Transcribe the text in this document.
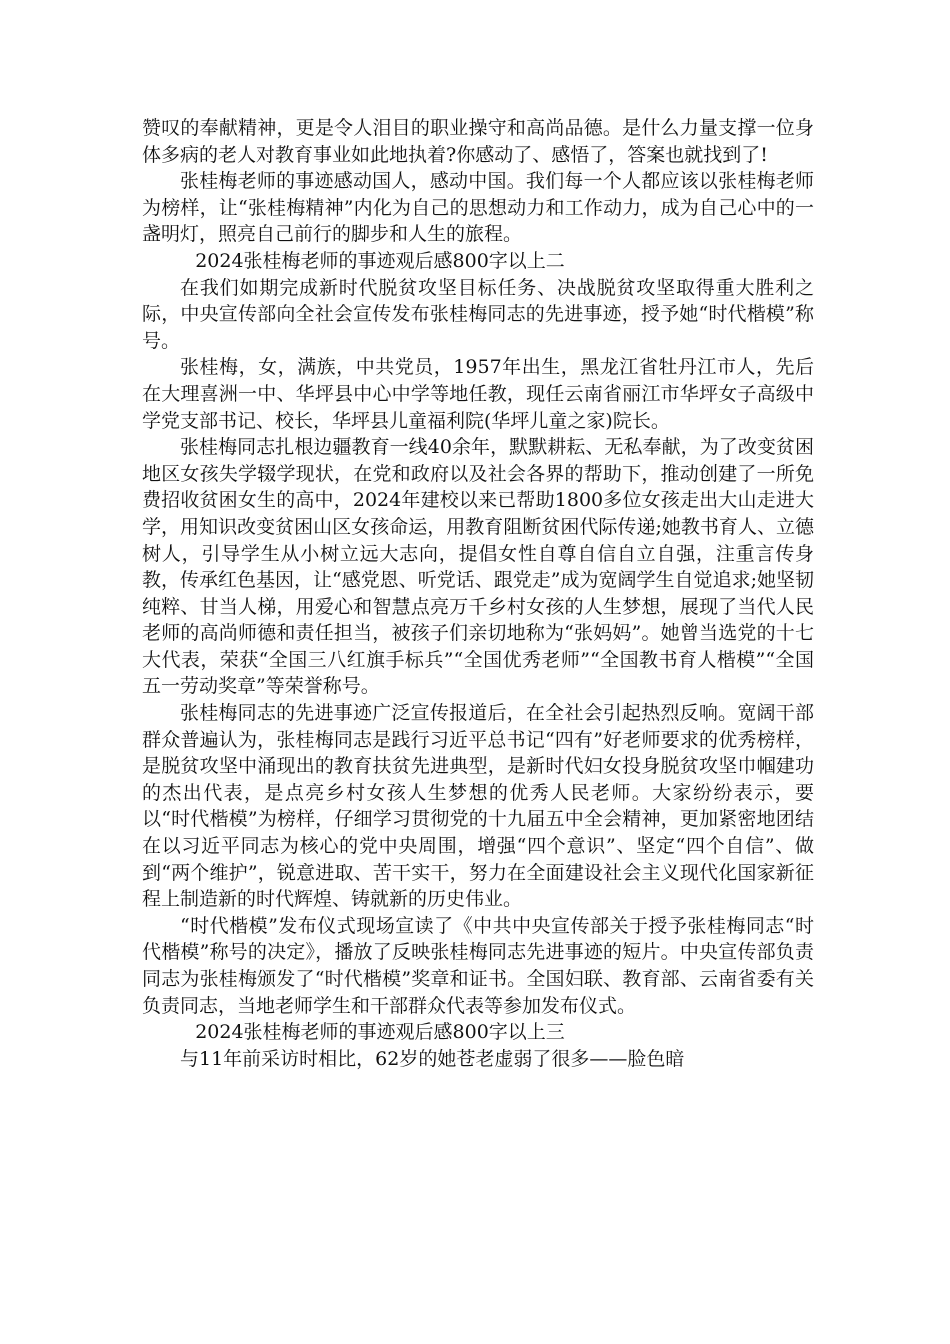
赞叹的奉献精神，更是令人泪目的职业操守和高尚品德。是什么力量支撑一位身体多病的老人对教育事业如此地执着?你感动了、感悟了，答案也就找到了!

张桂梅老师的事迹感动国人，感动中国。我们每一个人都应该以张桂梅老师为榜样，让“张桂梅精神”内化为自己的思想动力和工作动力，成为自己心中的一盏明灯，照亮自己前行的脚步和人生的旅程。

2024张桂梅老师的事迹观后感800字以上二

在我们如期完成新时代脱贫攻坚目标任务、决战脱贫攻坚取得重大胜利之际，中央宣传部向全社会宣传发布张桂梅同志的先进事迹，授予她“时代楷模”称号。

张桂梅，女，满族，中共党员，1957年出生，黑龙江省牡丹江市人，先后在大理喜洲一中、华坪县中心中学等地任教，现任云南省丽江市华坪女子高级中学党支部书记、校长，华坪县儿童福利院(华坪儿童之家)院长。

张桂梅同志扎根边疆教育一线40余年，默默耕耘、无私奉献，为了改变贫困地区女孩失学辍学现状，在党和政府以及社会各界的帮助下，推动创建了一所免费招收贫困女生的高中，2024年建校以来已帮助1800多位女孩走出大山走进大学，用知识改变贫困山区女孩命运，用教育阻断贫困代际传递;她教书育人、立德树人，引导学生从小树立远大志向，提倡女性自尊自信自立自强，注重言传身教，传承红色基因，让“感党恩、听党话、跟党走”成为宽阔学生自觉追求;她坚韧纯粹、甘当人梯，用爱心和智慧点亮万千乡村女孩的人生梦想，展现了当代人民老师的高尚师德和责任担当，被孩子们亲切地称为“张妈妈”。她曾当选党的十七大代表，荣获“全国三八红旗手标兵”“全国优秀老师”“全国教书育人楷模”“全国五一劳动奖章”等荣誉称号。

张桂梅同志的先进事迹广泛宣传报道后，在全社会引起热烈反响。宽阔干部群众普遍认为，张桂梅同志是践行习近平总书记“四有”好老师要求的优秀榜样，是脱贫攻坚中涌现出的教育扶贫先进典型，是新时代妇女投身脱贫攻坚巾帼建功的杰出代表，是点亮乡村女孩人生梦想的优秀人民老师。大家纷纷表示，要以“时代楷模”为榜样，仔细学习贯彻党的十九届五中全会精神，更加紧密地团结在以习近平同志为核心的党中央周围，增强“四个意识”、坚定“四个自信”、做到“两个维护”，锐意进取、苦干实干，努力在全面建设社会主义现代化国家新征程上制造新的时代辉煌、铸就新的历史伟业。

“时代楷模”发布仪式现场宣读了《中共中央宣传部关于授予张桂梅同志“时代楷模”称号的决定》，播放了反映张桂梅同志先进事迹的短片。中央宣传部负责同志为张桂梅颁发了“时代楷模”奖章和证书。全国妇联、教育部、云南省委有关负责同志，当地老师学生和干部群众代表等参加发布仪式。

2024张桂梅老师的事迹观后感800字以上三

与11年前采访时相比，62岁的她苍老虚弱了很多——脸色暗
